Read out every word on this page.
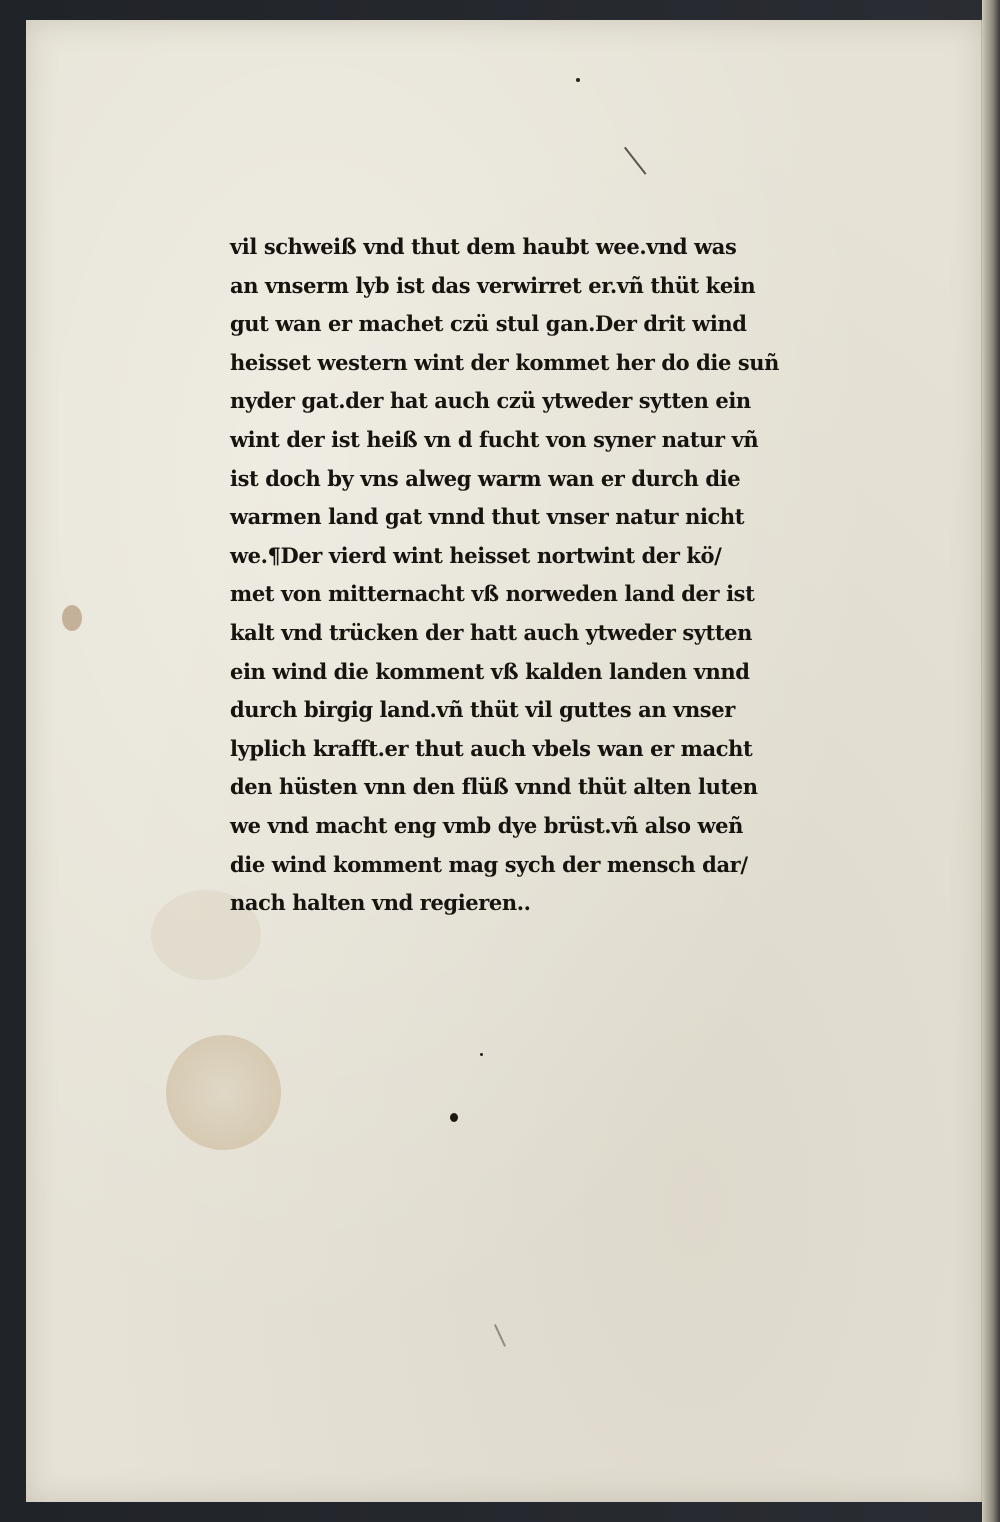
vil schweiß vnd thut dem haubt wee.vnd was
an vnserm lyb ist das verwirret er.vñ thüt kein
gut wan er machet czü stul gan.Der drit wind
heisset western wint der kommet her do die suñ
nyder gat.der hat auch czü ytweder sytten ein
wint der ist heiß vn d fucht von syner natur vñ
ist doch by vns alweg warm wan er durch die
warmen land gat vnnd thut vnser natur nicht
we.¶Der vierd wint heisset nortwint der kö/
met von mitternacht vß norweden land der ist
kalt vnd trücken der hatt auch ytweder sytten
ein wind die komment vß kalden landen vnnd
durch birgig land.vñ thüt vil guttes an vnser
lyplich krafft.er thut auch vbels wan er macht
den hüsten vnn den flüß vnnd thüt alten luten
we vnd macht eng vmb dye brüst.vñ also weñ
die wind komment mag sych der mensch dar/
nach halten vnd regieren..
